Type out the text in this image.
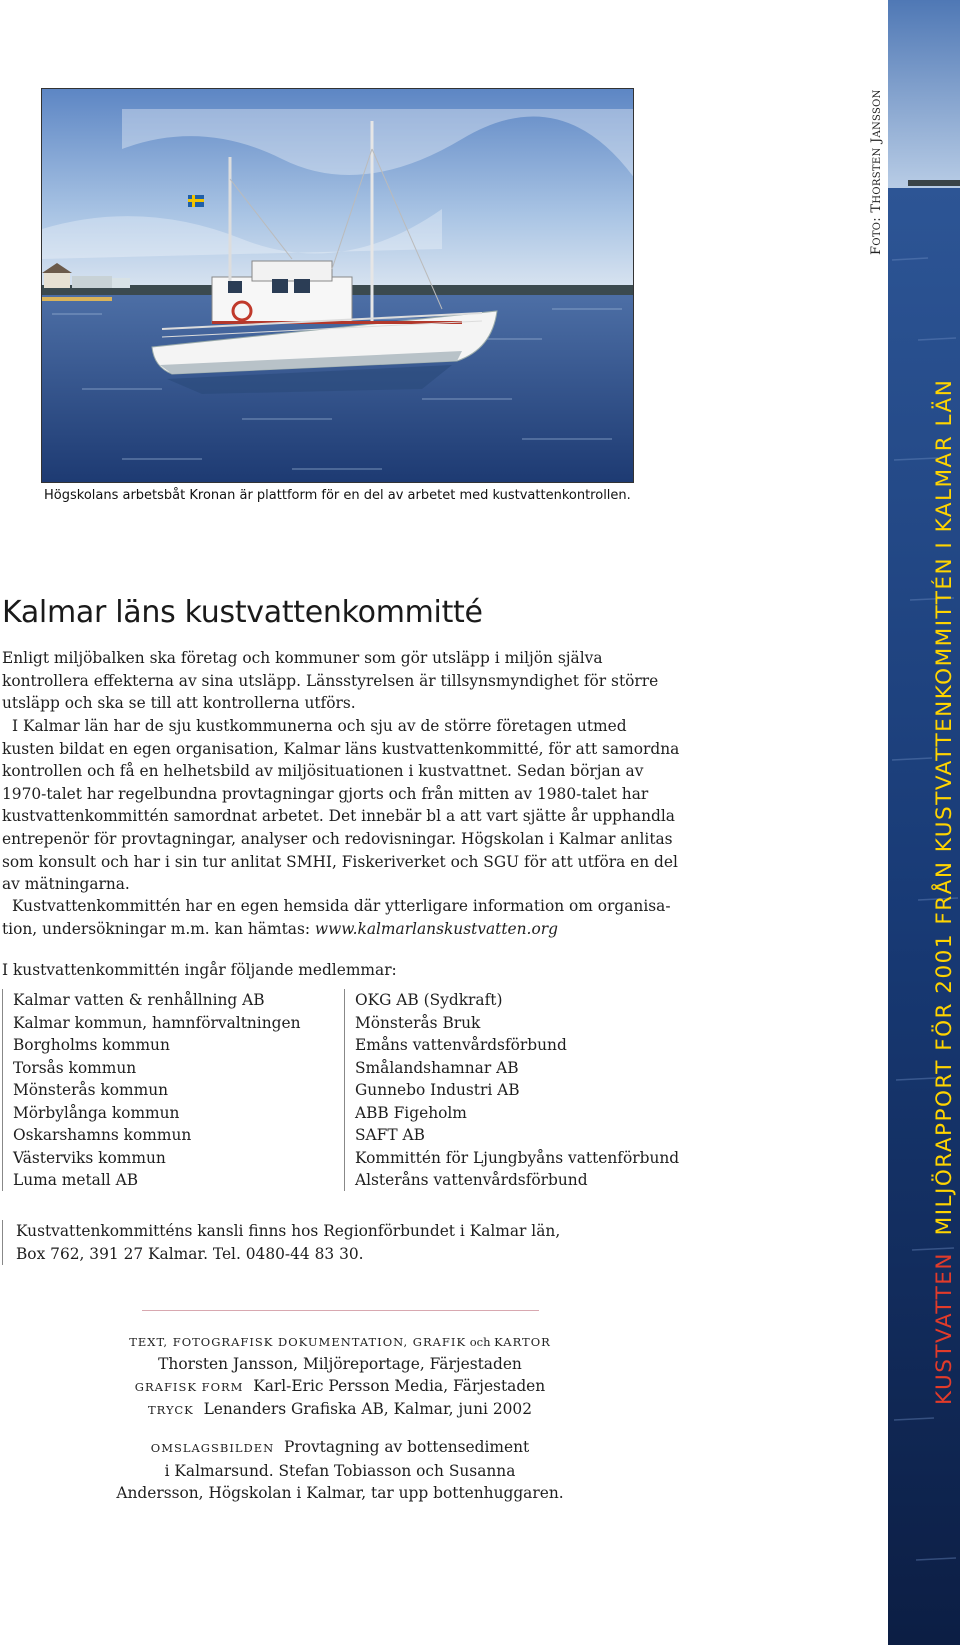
Högskolans arbetsbåt Kronan är plattform för en del av arbetet med kustvattenkontrollen.
FOTO: THORSTEN JANSSON
Kalmar läns kustvattenkommitté
Enligt miljöbalken ska företag och kommuner som gör utsläpp i miljön själva
kontrollera effekterna av sina utsläpp. Länsstyrelsen är tillsynsmyndighet för större
utsläpp och ska se till att kontrollerna utförs.
I Kalmar län har de sju kustkommunerna och sju av de större företagen utmed
kusten bildat en egen organisation, Kalmar läns kustvattenkommitté, för att samordna
kontrollen och få en helhetsbild av miljösituationen i kustvattnet. Sedan början av
1970-talet har regelbundna provtagningar gjorts och från mitten av 1980-talet har
kustvattenkommittén samordnat arbetet. Det innebär bl a att vart sjätte år upphandla
entrepenör för provtagningar, analyser och redovisningar. Högskolan i Kalmar anlitas
som konsult och har i sin tur anlitat SMHI, Fiskeriverket och SGU för att utföra en del
av mätningarna.
Kustvattenkommittén har en egen hemsida där ytterligare information om organisa-
tion, undersökningar m.m. kan hämtas: www.kalmarlanskustvatten.org
I kustvattenkommittén ingår följande medlemmar:
Kalmar vatten & renhållning AB
Kalmar kommun, hamnförvaltningen
Borgholms kommun
Torsås kommun
Mönsterås kommun
Mörbylånga kommun
Oskarshamns kommun
Västerviks kommun
Luma metall AB
OKG AB (Sydkraft)
Mönsterås Bruk
Emåns vattenvårdsförbund
Smålandshamnar AB
Gunnebo Industri AB
ABB Figeholm
SAFT AB
Kommittén för Ljungbyåns vattenförbund
Alsteråns vattenvårdsförbund
Kustvattenkommitténs kansli finns hos Regionförbundet i Kalmar län,
Box 762, 391 27 Kalmar. Tel. 0480-44 83 30.
TEXT, FOTOGRAFISK DOKUMENTATION, GRAFIK och KARTOR
Thorsten Jansson, Miljöreportage, Färjestaden
GRAFISK FORM Karl-Eric Persson Media, Färjestaden
TRYCK Lenanders Grafiska AB, Kalmar, juni 2002
OMSLAGSBILDEN Provtagning av bottensediment
i Kalmarsund. Stefan Tobiasson och Susanna
Andersson, Högskolan i Kalmar, tar upp bottenhuggaren.
KUSTVATTEN  MILJÖRAPPORT FÖR 2001 FRÅN KUSTVATTENKOMMITTÉN I KALMAR LÄN
